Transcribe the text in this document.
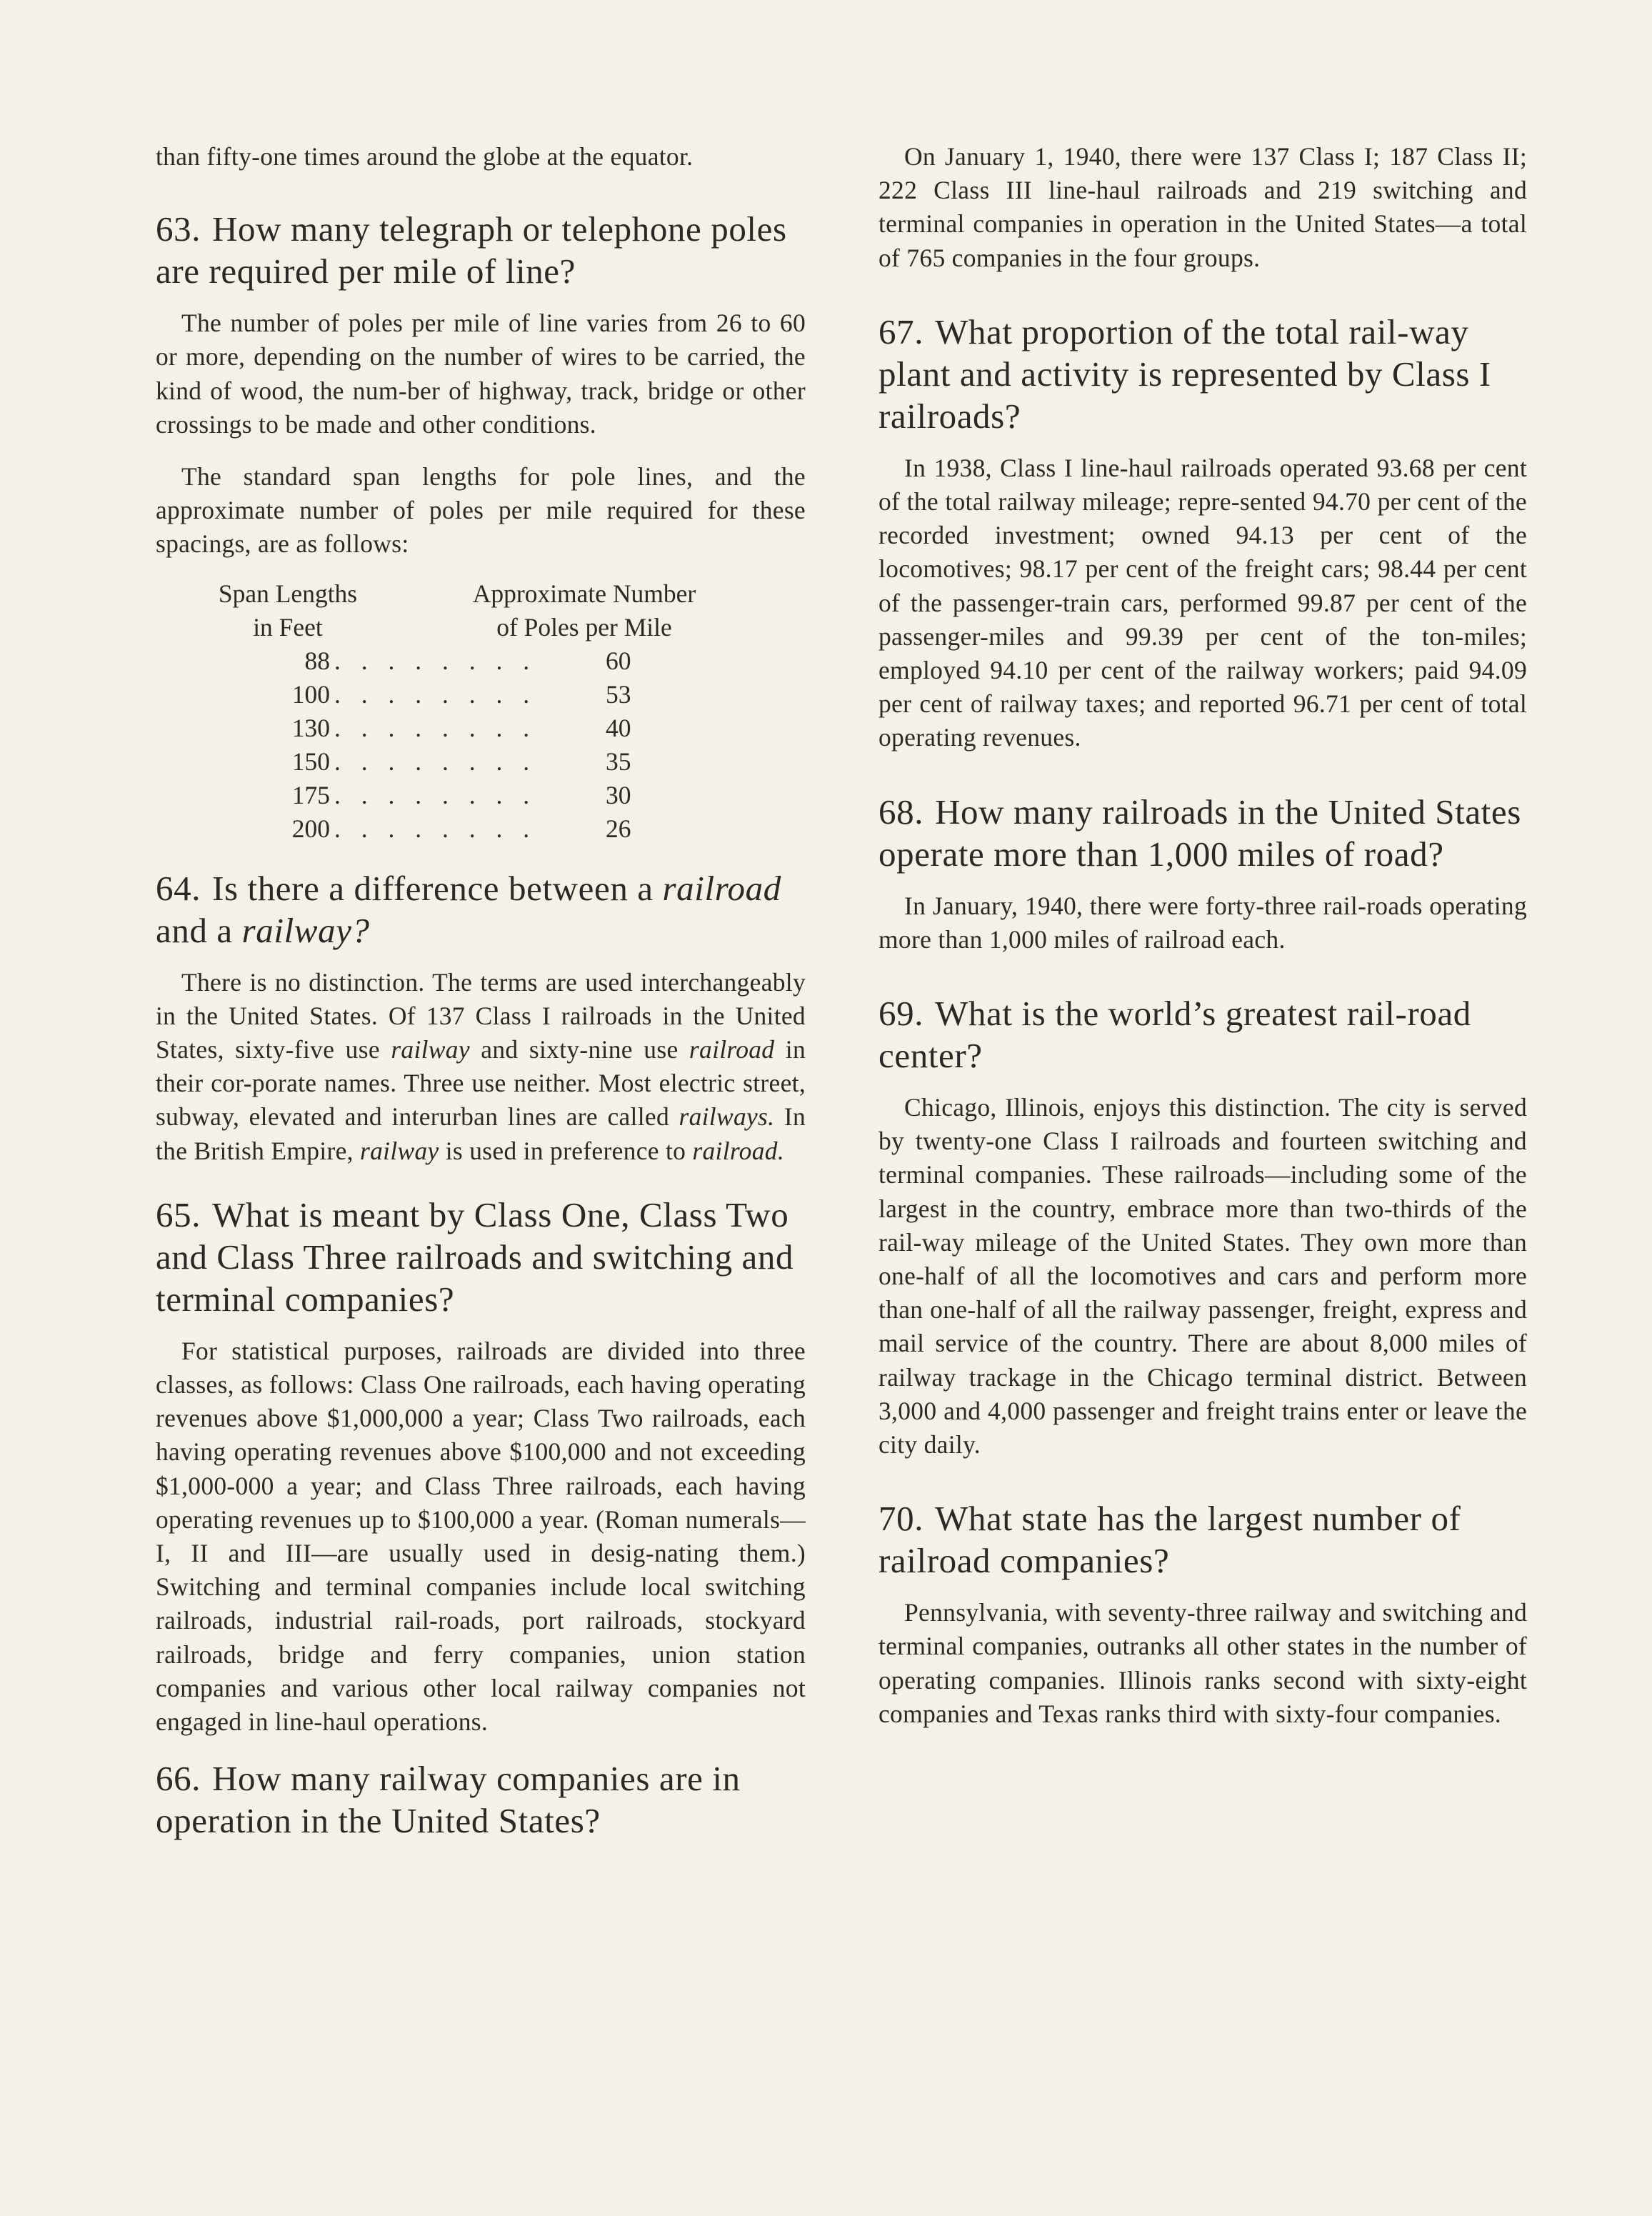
than fifty-one times around the globe at the equator.

63. How many telegraph or telephone poles are required per mile of line?

The number of poles per mile of line varies from 26 to 60 or more, depending on the number of wires to be carried, the kind of wood, the num-ber of highway, track, bridge or other crossings to be made and other conditions.

The standard span lengths for pole lines, and the approximate number of poles per mile required for these spacings, are as follows:

Span Lengths
in Feet
Approximate Number
of Poles per Mile
88 . . . . . . . .	60
100 . . . . . . . .	53
130 . . . . . . . .	40
150 . . . . . . . .	35
175 . . . . . . . .	30
200 . . . . . . . .	26
64. Is there a difference between a railroad and a railway?

There is no distinction. The terms are used interchangeably in the United States. Of 137 Class I railroads in the United States, sixty-five use railway and sixty-nine use railroad in their cor-porate names. Three use neither. Most electric street, subway, elevated and interurban lines are called railways. In the British Empire, railway is used in preference to railroad.

65. What is meant by Class One, Class Two and Class Three railroads and switching and terminal companies?

For statistical purposes, railroads are divided into three classes, as follows: Class One railroads, each having operating revenues above $1,000,000 a year; Class Two railroads, each having operating revenues above $100,000 and not exceeding $1,000-000 a year; and Class Three railroads, each having operating revenues up to $100,000 a year. (Roman numerals—I, II and III—are usually used in desig-nating them.) Switching and terminal companies include local switching railroads, industrial rail-roads, port railroads, stockyard railroads, bridge and ferry companies, union station companies and various other local railway companies not engaged in line-haul operations.

66. How many railway companies are in operation in the United States?

On January 1, 1940, there were 137 Class I; 187 Class II; 222 Class III line-haul railroads and 219 switching and terminal companies in operation in the United States—a total of 765 companies in the four groups.

67. What proportion of the total rail-way plant and activity is represented by Class I railroads?

In 1938, Class I line-haul railroads operated 93.68 per cent of the total railway mileage; repre-sented 94.70 per cent of the recorded investment; owned 94.13 per cent of the locomotives; 98.17 per cent of the freight cars; 98.44 per cent of the passenger-train cars, performed 99.87 per cent of the passenger-miles and 99.39 per cent of the ton-miles; employed 94.10 per cent of the railway workers; paid 94.09 per cent of railway taxes; and reported 96.71 per cent of total operating revenues.

68. How many railroads in the United States operate more than 1,000 miles of road?

In January, 1940, there were forty-three rail-roads operating more than 1,000 miles of railroad each.

69. What is the world’s greatest rail-road center?

Chicago, Illinois, enjoys this distinction. The city is served by twenty-one Class I railroads and fourteen switching and terminal companies. These railroads—including some of the largest in the country, embrace more than two-thirds of the rail-way mileage of the United States. They own more than one-half of all the locomotives and cars and perform more than one-half of all the railway passenger, freight, express and mail service of the country. There are about 8,000 miles of railway trackage in the Chicago terminal district. Between 3,000 and 4,000 passenger and freight trains enter or leave the city daily.

70. What state has the largest number of railroad companies?

Pennsylvania, with seventy-three railway and switching and terminal companies, outranks all other states in the number of operating companies. Illinois ranks second with sixty-eight companies and Texas ranks third with sixty-four companies.
